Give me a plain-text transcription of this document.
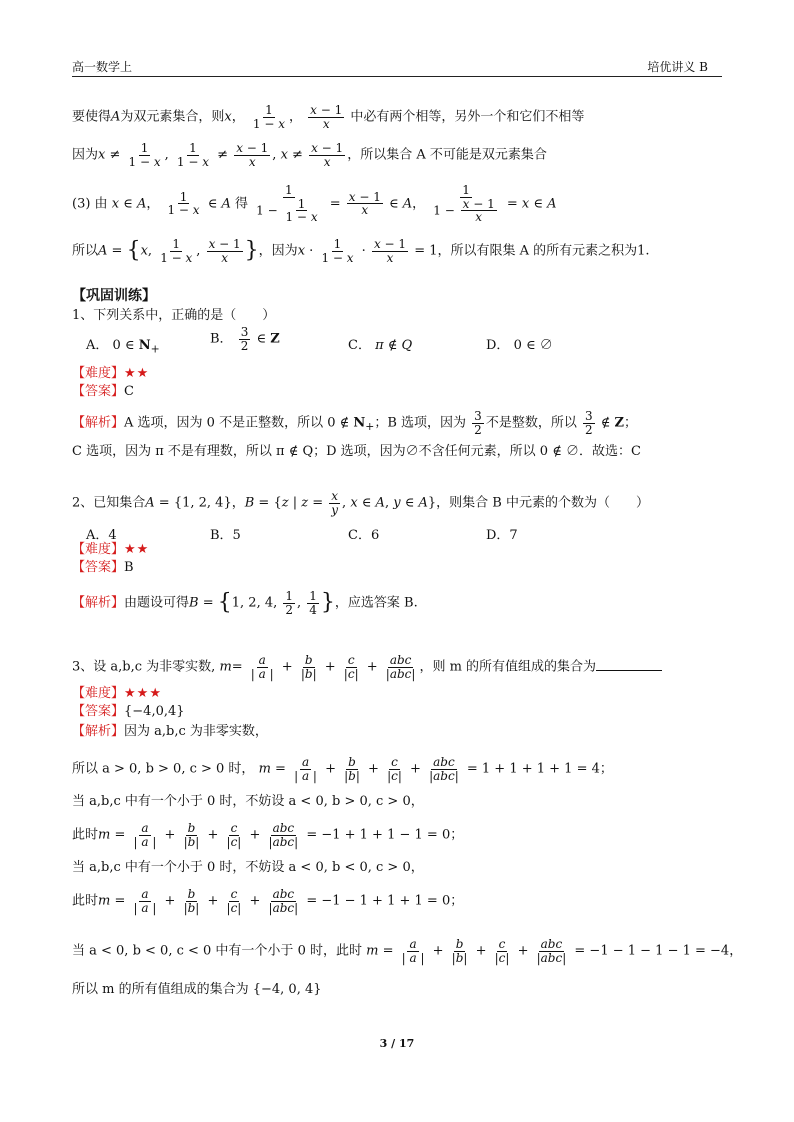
高一数学上	培优讲义 B
要使得A为双元素集合，则x， $\frac{1}{1 - x}$ ， $\frac{x - 1}{x}$ 中必有两个相等，另外一个和它们不相等
因为$x \ne \frac{1}{1 - x}$ , $\frac{1}{1 - x} \ne \frac{x - 1}{x}$ , $x \ne \frac{x - 1}{x}$ ，所以集合 A 不可能是双元素集合
(3) 由 x ∈ A， $\frac{1}{1 - x}$ ∈ A 得 $\frac{1}{1 - \frac{1}{1 - x}} = \frac{x - 1}{x}$ ∈ A， $\frac{1}{1 - \frac{x - 1}{x}} = x$ ∈ A
所以A = {x, $\frac{1}{1 - x}$ , $\frac{x - 1}{x}$ }，因为$x \cdot \frac{1}{1 - x} \cdot \frac{x - 1}{x} = 1$，所以有限集 A 的所有元素之积为1.
【巩固训练】
1、下列关系中，正确的是（　　）
A． 0 ∈ $N_+$
B． $\frac{3}{2}$ ∈ Z	C． π ∉ Q	D． 0 ∈ ∅
【难度】★★
【答案】C
【解析】A 选项，因为 0 不是正整数，所以 0 ∉ $N_+$；B 选项，因为 $\frac{3}{2}$ 不是整数，所以 $\frac{3}{2}$ ∉ Z；
C 选项，因为 π 不是有理数，所以 π ∉ Q；D 选项，因为∅不含任何元素，所以 0 ∉ ∅．故选：C
2、已知集合A = {1, 2, 4}，B = {z | $z = \frac{x}{y}$ , x ∈ A, y ∈ A}，则集合 B 中元素的个数为（　　）
A．4	B．5	C．6	D．7
【难度】★★
【答案】B
【解析】由题设可得B = {1, 2, 4, $\frac{1}{2}$ , $\frac{1}{4}$ }，应选答案 B.
3、设 a,b,c 为非零实数, $m= \frac{a}{| a |} + \frac{b}{|b|} + \frac{c}{|c|} + \frac{\text{abc}}{\text{|abc|}}$ ，则 m 的所有值组成的集合为
【难度】★★★
【答案】{−4,0,4}
【解析】因为 a,b,c 为非零实数，
所以 a > 0, b > 0, c > 0 时， $m = \frac{a}{| a |} + \frac{b}{|b|} + \frac{c}{|c|} + \frac{\text{abc}}{\text{|abc|}} = 1 + 1 + 1 + 1 = 4$；
当 a,b,c 中有一个小于 0 时，不妨设 a < 0, b > 0, c > 0，
此时$m = \frac{a}{| a |} + \frac{b}{|b|} + \frac{c}{|c|} + \frac{\text{abc}}{\text{|abc|}} = -1 + 1 + 1 - 1 = 0$；
当 a,b,c 中有一个小于 0 时，不妨设 a < 0, b < 0, c > 0，
此时$m = \frac{a}{| a |} + \frac{b}{|b|} + \frac{c}{|c|} + \frac{\text{abc}}{\text{|abc|}} = -1 - 1 + 1 + 1 = 0$；
当 a < 0, b < 0, c < 0 中有一个小于 0 时，此时 $m = \frac{a}{| a |} + \frac{b}{|b|} + \frac{c}{|c|} + \frac{\text{abc}}{\text{|abc|}} = -1 - 1 - 1 - 1 = -4$，
所以 m 的所有值组成的集合为 {−4, 0, 4}
3 / 17
